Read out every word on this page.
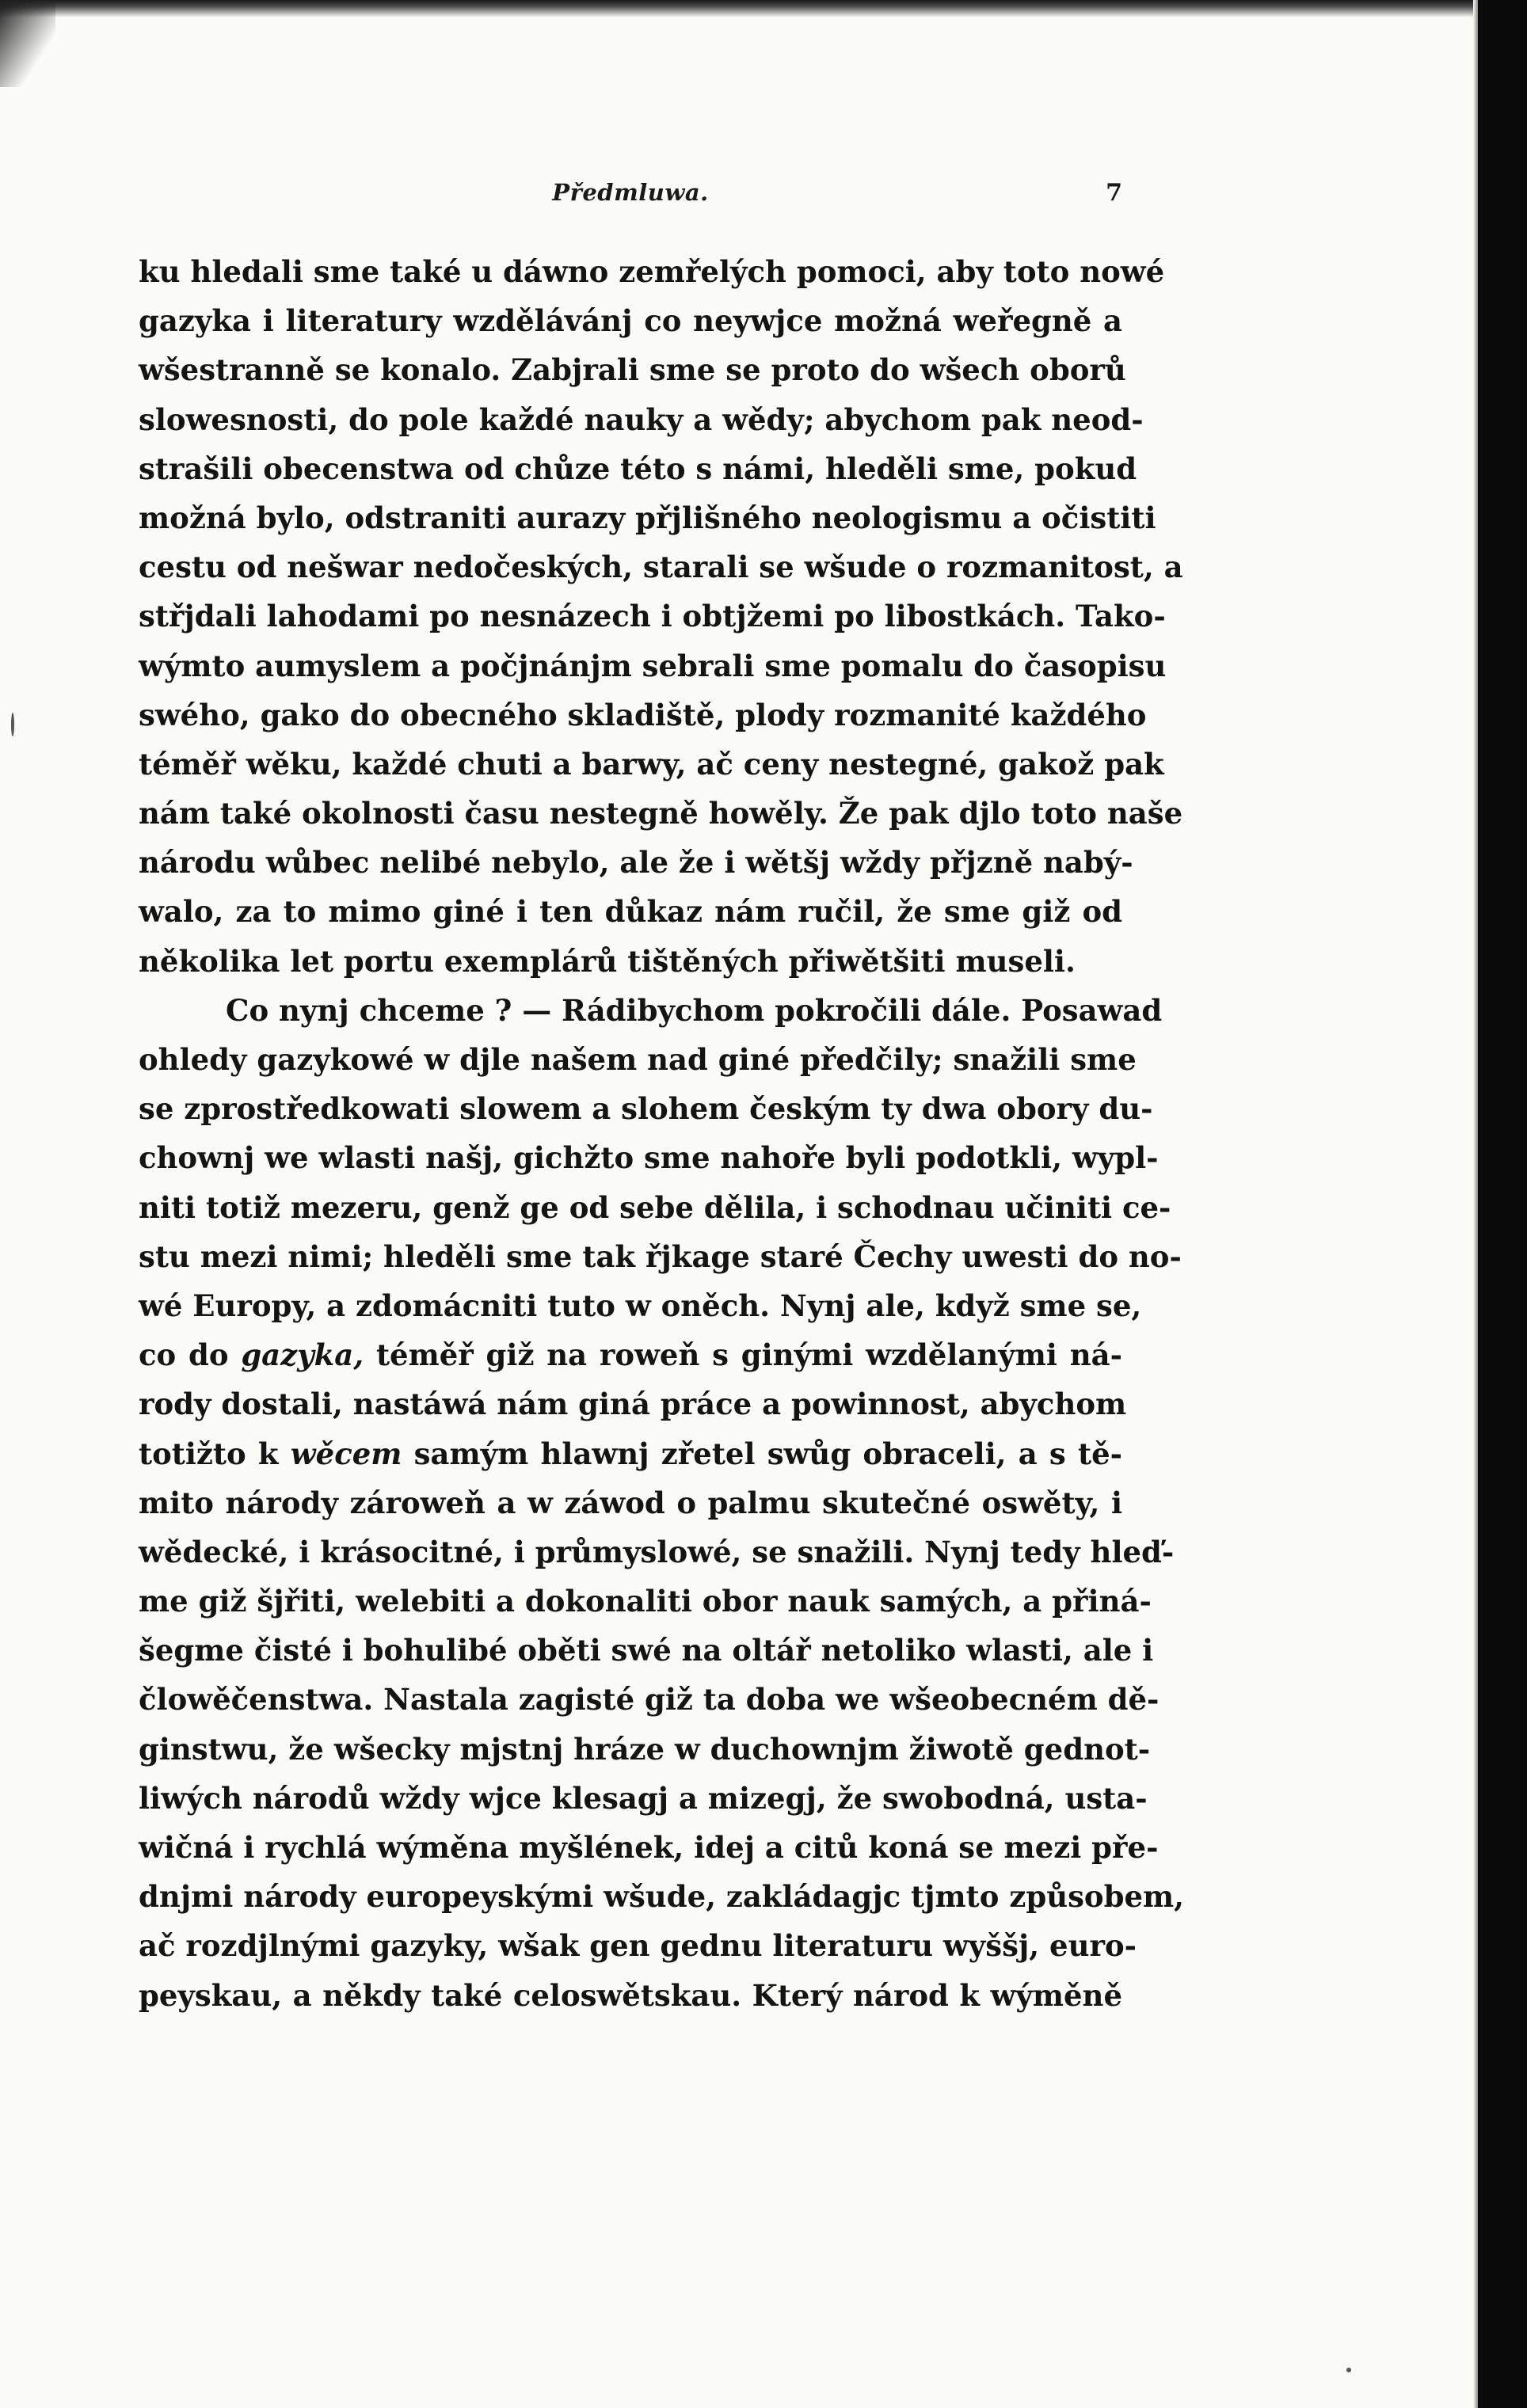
Předmluwa.	7
ku hledali sme také u dáwno zemřelých pomoci, aby toto nowé
gazyka i literatury wzdělávánj co neywjce možná weřegně a
wšestranně se konalo. Zabjrali sme se proto do wšech oborů
slowesnosti, do pole každé nauky a wědy; abychom pak neod-
strašili obecenstwa od chůze této s námi, hleděli sme, pokud
možná bylo, odstraniti aurazy přjlišného neologismu a očistiti
cestu od nešwar nedočeských, starali se wšude o rozmanitost, a
střjdali lahodami po nesnázech i obtjžemi po libostkách. Tako-
wýmto aumyslem a počjnánjm sebrali sme pomalu do časopisu
swého, gako do obecného skladiště, plody rozmanité každého
téměř wěku, každé chuti a barwy, ač ceny nestegné, gakož pak
nám také okolnosti času nestegně howěly. Že pak djlo toto naše
národu wůbec nelibé nebylo, ale že i wětšj wždy přjzně nabý-
walo, za to mimo giné i ten důkaz nám ručil, že sme giž od
několika let portu exemplárů tištěných přiwětšiti museli.
Co nynj chceme ? — Rádibychom pokročili dále. Posawad
ohledy gazykowé w djle našem nad giné předčily; snažili sme
se zprostředkowati slowem a slohem českým ty dwa obory du-
chownj we wlasti našj, gichžto sme nahoře byli podotkli, wypl-
niti totiž mezeru, genž ge od sebe dělila, i schodnau učiniti ce-
stu mezi nimi; hleděli sme tak řjkage staré Čechy uwesti do no-
wé Europy, a zdomácniti tuto w oněch. Nynj ale, když sme se,
co do gazyka, téměř giž na roweň s ginými wzdělanými ná-
rody dostali, nastáwá nám giná práce a powinnost, abychom
totižto k wěcem samým hlawnj zřetel swůg obraceli, a s tě-
mito národy zároweň a w záwod o palmu skutečné oswěty, i
wědecké, i krásocitné, i průmyslowé, se snažili. Nynj tedy hleď-
me giž šjřiti, welebiti a dokonaliti obor nauk samých, a přiná-
šegme čisté i bohulibé oběti swé na oltář netoliko wlasti, ale i
člowěčenstwa. Nastala zagisté giž ta doba we wšeobecném dě-
ginstwu, že wšecky mjstnj hráze w duchownjm žiwotě gednot-
liwých národů wždy wjce klesagj a mizegj, že swobodná, usta-
wičná i rychlá wýměna myšlének, idej a citů koná se mezi pře-
dnjmi národy europeyskými wšude, zakládagjc tjmto způsobem,
ač rozdjlnými gazyky, wšak gen gednu literaturu wyššj, euro-
peyskau, a někdy také celoswětskau. Který národ k wýměně
